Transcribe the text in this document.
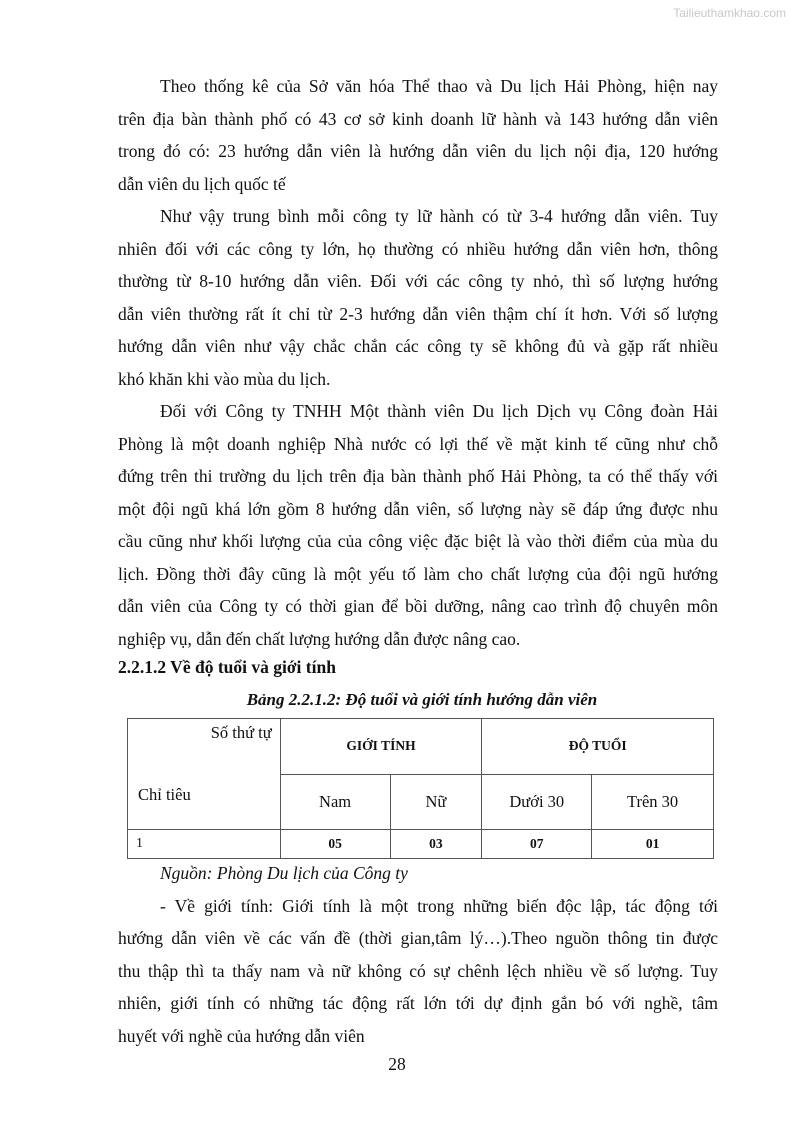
Tailieuthamkhao.com
Theo thống kê của Sở văn hóa Thể thao và Du lịch Hải Phòng, hiện nay
trên địa bàn thành phố có 43 cơ sở kinh doanh lữ hành và 143 hướng dẫn viên
trong đó có: 23 hướng dẫn viên là hướng dẫn viên du lịch nội địa, 120 hướng
dẫn viên du lịch quốc tế
Như vậy trung bình mỗi công ty lữ hành có từ 3-4 hướng dẫn viên. Tuy
nhiên đối với các công ty lớn, họ thường có nhiều hướng dẫn viên hơn, thông
thường từ 8-10 hướng dẫn viên. Đối với các công ty nhỏ, thì số lượng hướng
dẫn viên thường rất ít chỉ từ 2-3 hướng dẫn viên thậm chí ít hơn. Với số lượng
hướng dẫn viên như vậy chắc chắn các công ty sẽ không đủ và gặp rất nhiều
khó khăn khi vào mùa du lịch.
Đối với Công ty TNHH Một thành viên Du lịch Dịch vụ Công đoàn Hải
Phòng là một doanh nghiệp Nhà nước có lợi thế về mặt kinh tế cũng như chỗ
đứng trên thi trường du lịch trên địa bàn thành phố Hải Phòng, ta có thể thấy với
một đội ngũ khá lớn gồm 8 hướng dẫn viên, số lượng này sẽ đáp ứng được nhu
cầu cũng như khối lượng của của công việc đặc biệt là vào thời điểm của mùa du
lịch. Đồng thời đây cũng là một yếu tố làm cho chất lượng của đội ngũ hướng
dẫn viên của Công ty có thời gian để bồi dưỡng, nâng cao trình độ chuyên môn
nghiệp vụ, dẫn đến chất lượng hướng dẫn được nâng cao.
2.2.1.2 Về độ tuổi và giới tính
Bảng 2.2.1.2: Độ tuổi và giới tính hướng dẫn viên
Số thứ tự
Chỉ tiêu	GIỚI TÍNH		ĐỘ TUỔI	
	Nam	Nữ	Dưới 30	Trên 30
1	05	03	07	01
Nguồn: Phòng Du lịch của Công ty
- Về giới tính: Giới tính là một trong những biến độc lập, tác động tới
hướng dẫn viên về các vấn đề (thời gian,tâm lý…).Theo nguồn thông tin được
thu thập thì ta thấy nam và nữ không có sự chênh lệch nhiều về số lượng. Tuy
nhiên, giới tính có những tác động rất lớn tới dự định gắn bó với nghề, tâm
huyết với nghề của hướng dẫn viên
28
